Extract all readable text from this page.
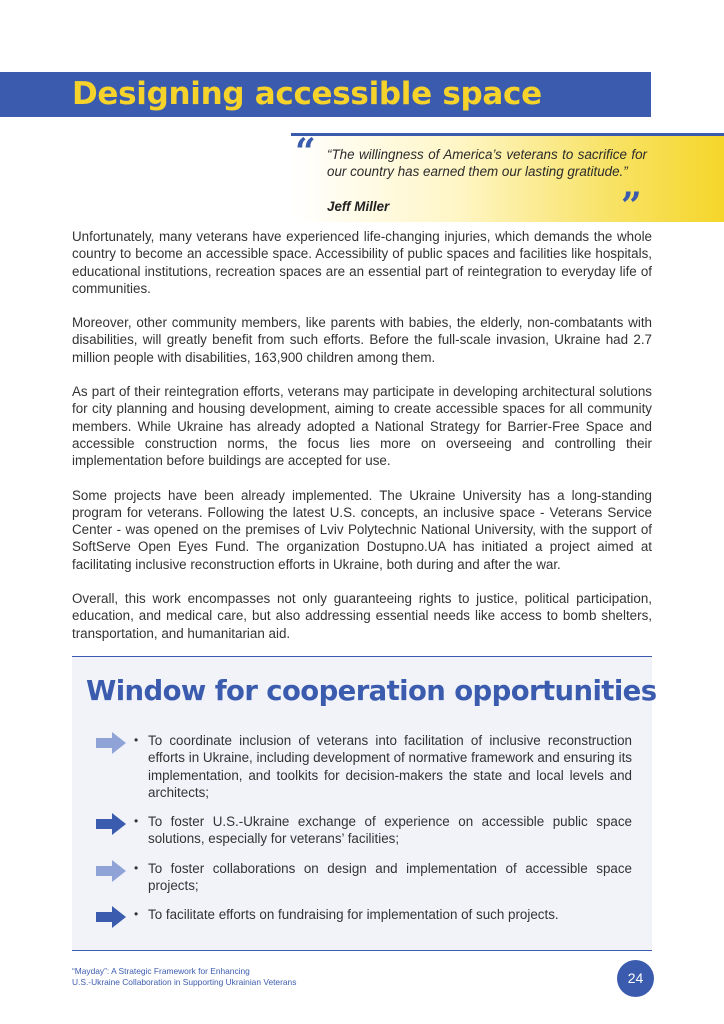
Designing accessible space
“ “The willingness of America’s veterans to sacrifice for our country has earned them our lasting gratitude.”
Jeff Miller	”

Unfortunately, many veterans have experienced life-changing injuries, which demands the whole country to become an accessible space. Accessibility of public spaces and facilities like hospitals, educational institutions, recreation spaces are an essential part of reintegration to everyday life of communities.

Moreover, other community members, like parents with babies, the elderly, non-combatants with disabilities, will greatly benefit from such efforts. Before the full-scale invasion, Ukraine had 2.7 million people with disabilities, 163,900 children among them.

As part of their reintegration efforts, veterans may participate in developing architectural solutions for city planning and housing development, aiming to create accessible spaces for all community members. While Ukraine has already adopted a National Strategy for Barrier-Free Space and accessible construction norms, the focus lies more on overseeing and controlling their implementation before buildings are accepted for use.

Some projects have been already implemented. The Ukraine University has a long-standing program for veterans. Following the latest U.S. concepts, an inclusive space - Veterans Service Center - was opened on the premises of Lviv Polytechnic National University, with the support of SoftServe Open Eyes Fund. The organization Dostupno.UA has initiated a project aimed at facilitating inclusive reconstruction efforts in Ukraine, both during and after the war.

Overall, this work encompasses not only guaranteeing rights to justice, political participation, education, and medical care, but also addressing essential needs like access to bomb shelters, transportation, and humanitarian aid.

Window for cooperation opportunities
• To coordinate inclusion of veterans into facilitation of inclusive reconstruction efforts in Ukraine, including development of normative framework and ensuring its implementation, and toolkits for decision-makers the state and local levels and architects;
• To foster U.S.-Ukraine exchange of experience on accessible public space solutions, especially for veterans’ facilities;
• To foster collaborations on design and implementation of accessible space projects;
• To facilitate efforts on fundraising for implementation of such projects.
“Mayday”: A Strategic Framework for Enhancing
U.S.-Ukraine Collaboration in Supporting Ukrainian Veterans	24
